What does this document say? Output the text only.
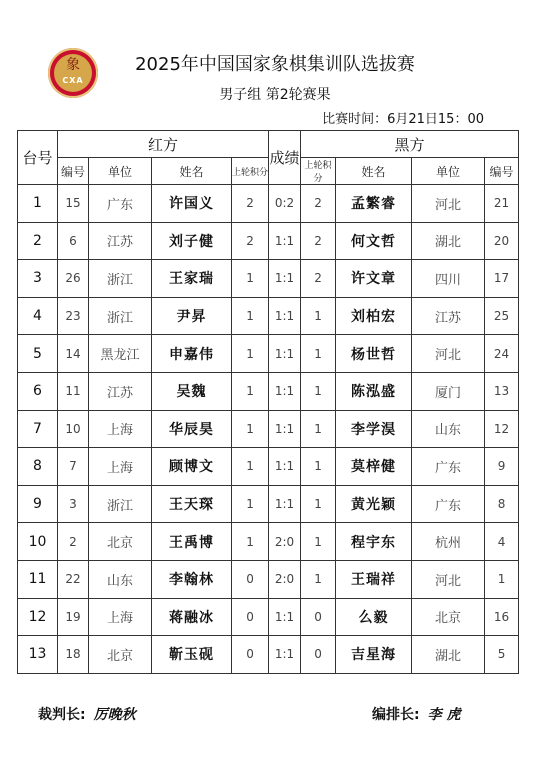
象
CXA
2025年中国国家象棋集训队选拔赛
男子组 第2轮赛果
比赛时间：6月21日15：00
台号	红方				成绩	黑方			
	编号	单位	姓名	上轮积分		上轮积分	姓名	单位	编号
1	15	广东	许国义	2	0:2	2	孟繁睿	河北	21
2	6	江苏	刘子健	2	1:1	2	何文哲	湖北	20
3	26	浙江	王家瑞	1	1:1	2	许文章	四川	17
4	23	浙江	尹昇	1	1:1	1	刘柏宏	江苏	25
5	14	黑龙江	申嘉伟	1	1:1	1	杨世哲	河北	24
6	11	江苏	吴魏	1	1:1	1	陈泓盛	厦门	13
7	10	上海	华辰昊	1	1:1	1	李学淏	山东	12
8	7	上海	顾博文	1	1:1	1	莫梓健	广东	9
9	3	浙江	王天琛	1	1:1	1	黄光颖	广东	8
10	2	北京	王禹博	1	2:0	1	程宇东	杭州	4
11	22	山东	李翰林	0	2:0	1	王瑞祥	河北	1
12	19	上海	蒋融冰	0	1:1	0	么毅	北京	16
13	18	北京	靳玉砚	0	1:1	0	吉星海	湖北	5
裁判长: 厉晚秋	编排长: 李 虎
